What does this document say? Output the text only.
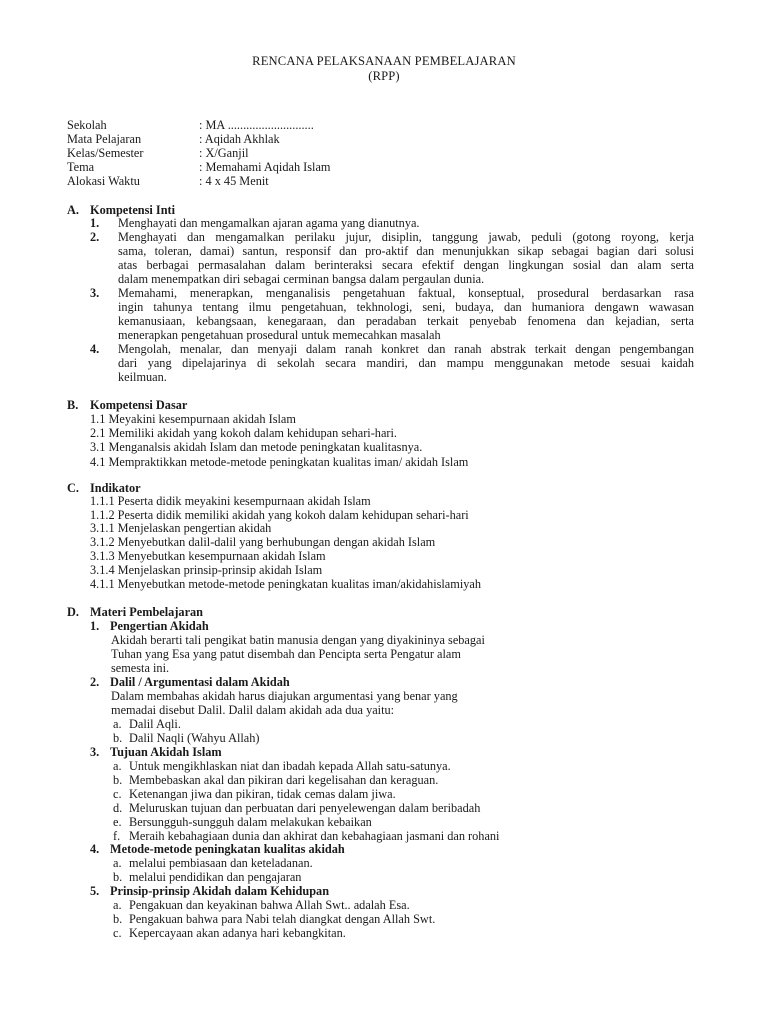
RENCANA PELAKSANAAN PEMBELAJARAN
(RPP)
Sekolah	: MA ............................
Mata Pelajaran	: Aqidah Akhlak
Kelas/Semester	: X/Ganjil
Tema	: Memahami Aqidah Islam
Alokasi Waktu	: 4 x 45 Menit
A. Kompetensi Inti
1. Menghayati dan mengamalkan ajaran agama yang dianutnya.
2. Menghayati dan mengamalkan perilaku jujur, disiplin, tanggung jawab, peduli (gotong royong, kerja
sama, toleran, damai) santun, responsif dan pro-aktif dan menunjukkan sikap sebagai bagian dari solusi
atas berbagai permasalahan dalam berinteraksi secara efektif dengan lingkungan sosial dan alam serta
dalam menempatkan diri sebagai cerminan bangsa dalam pergaulan dunia.
3. Memahami, menerapkan, menganalisis pengetahuan faktual, konseptual, prosedural berdasarkan rasa
ingin tahunya tentang ilmu pengetahuan, tekhnologi, seni, budaya, dan humaniora dengawn wawasan
kemanusiaan, kebangsaan, kenegaraan, dan peradaban terkait penyebab fenomena dan kejadian, serta
menerapkan pengetahuan prosedural untuk memecahkan masalah
4. Mengolah, menalar, dan menyaji dalam ranah konkret dan ranah abstrak terkait dengan pengembangan
dari yang dipelajarinya di sekolah secara mandiri, dan mampu menggunakan metode sesuai kaidah
keilmuan.
B. Kompetensi Dasar
1.1 Meyakini kesempurnaan akidah Islam
2.1 Memiliki akidah yang kokoh dalam kehidupan sehari-hari.
3.1 Menganalsis akidah Islam dan metode peningkatan kualitasnya.
4.1 Mempraktikkan metode-metode peningkatan kualitas iman/ akidah Islam
C. Indikator
1.1.1 Peserta didik meyakini kesempurnaan akidah Islam
1.1.2 Peserta didik memiliki akidah yang kokoh dalam kehidupan sehari-hari
3.1.1 Menjelaskan pengertian akidah
3.1.2 Menyebutkan dalil-dalil yang berhubungan dengan akidah Islam
3.1.3 Menyebutkan kesempurnaan akidah Islam
3.1.4 Menjelaskan prinsip-prinsip akidah Islam
4.1.1 Menyebutkan metode-metode peningkatan kualitas iman/akidahislamiyah
D. Materi Pembelajaran
1. Pengertian Akidah
Akidah berarti tali pengikat batin manusia dengan yang diyakininya sebagai
Tuhan yang Esa yang patut disembah dan Pencipta serta Pengatur alam
semesta ini.
2. Dalil / Argumentasi dalam Akidah
Dalam membahas akidah harus diajukan argumentasi yang benar yang
memadai disebut Dalil. Dalil dalam akidah ada dua yaitu:
a. Dalil Aqli.
b. Dalil Naqli (Wahyu Allah)
3. Tujuan Akidah Islam
a. Untuk mengikhlaskan niat dan ibadah kepada Allah satu-satunya.
b. Membebaskan akal dan pikiran dari kegelisahan dan keraguan.
c. Ketenangan jiwa dan pikiran, tidak cemas dalam jiwa.
d. Meluruskan tujuan dan perbuatan dari penyelewengan dalam beribadah
e. Bersungguh-sungguh dalam melakukan kebaikan
f. Meraih kebahagiaan dunia dan akhirat dan kebahagiaan jasmani dan rohani
4. Metode-metode peningkatan kualitas akidah
a. melalui pembiasaan dan keteladanan.
b. melalui pendidikan dan pengajaran
5. Prinsip-prinsip Akidah dalam Kehidupan
a. Pengakuan dan keyakinan bahwa Allah Swt.. adalah Esa.
b. Pengakuan bahwa para Nabi telah diangkat dengan Allah Swt.
c. Kepercayaan akan adanya hari kebangkitan.
